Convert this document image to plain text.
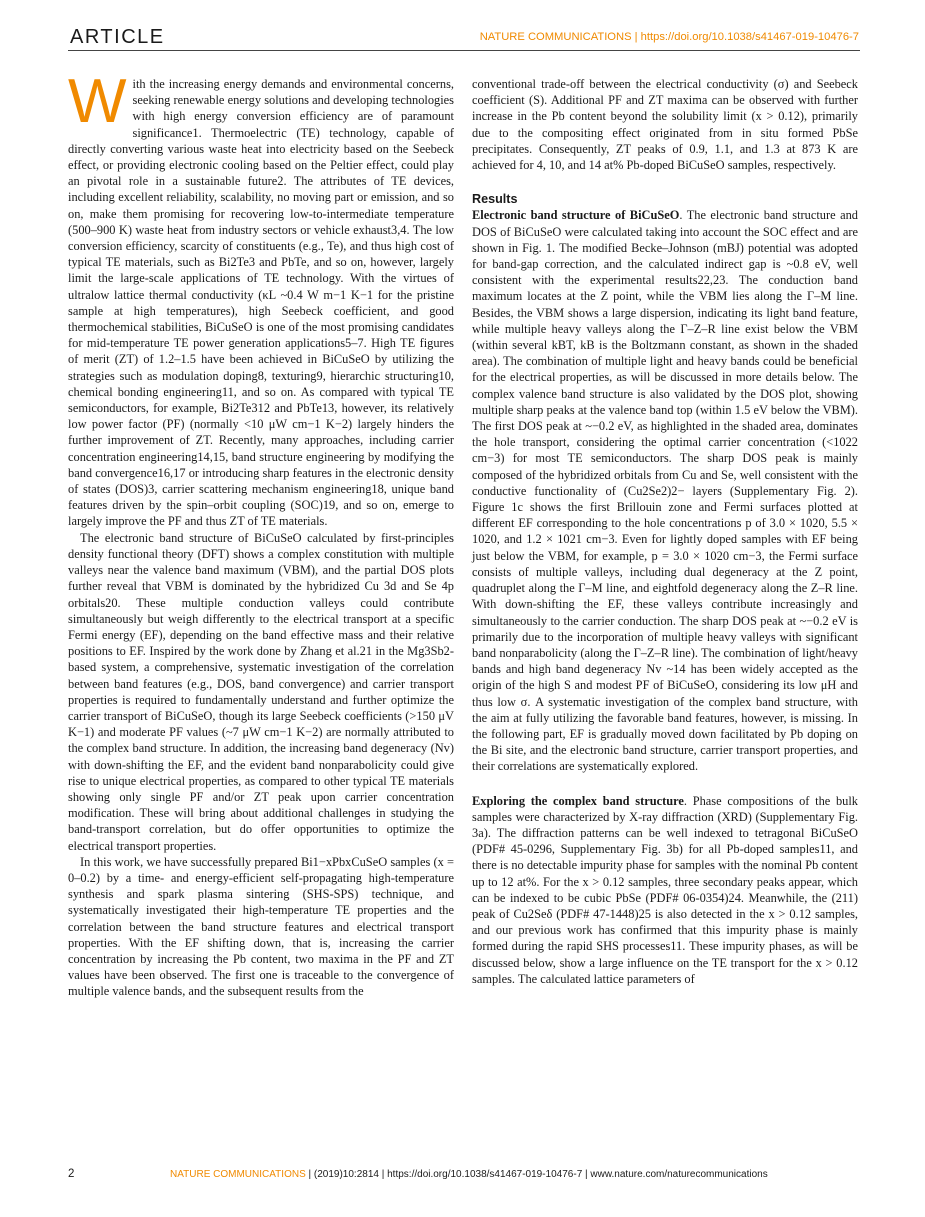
ARTICLE	NATURE COMMUNICATIONS | https://doi.org/10.1038/s41467-019-10476-7

W ith the increasing energy demands and environmental concerns, seeking renewable energy solutions and developing technologies with high energy conversion efficiency are of paramount significance1. Thermoelectric (TE) technology, capable of directly converting various waste heat into electricity based on the Seebeck effect, or providing electronic cooling based on the Peltier effect, could play an pivotal role in a sustainable future2. The attributes of TE devices, including excellent reliability, scalability, no moving part or emission, and so on, make them promising for recovering low-to-intermediate temperature (500–900 K) waste heat from industry sectors or vehicle exhaust3,4. The low conversion efficiency, scarcity of constituents (e.g., Te), and thus high cost of typical TE materials, such as Bi2Te3 and PbTe, and so on, however, largely limit the large-scale applications of TE technology. With the virtues of ultralow lattice thermal conductivity (κL ~0.4 W m−1 K−1 for the pristine sample at high temperatures), high Seebeck coefficient, and good thermochemical stabilities, BiCuSeO is one of the most promising candidates for mid-temperature TE power generation applications5–7. High TE figures of merit (ZT) of 1.2–1.5 have been achieved in BiCuSeO by utilizing the strategies such as modulation doping8, texturing9, hierarchic structuring10, chemical bonding engineering11, and so on. As compared with typical TE semiconductors, for example, Bi2Te312 and PbTe13, however, its relatively low power factor (PF) (normally <10 μW cm−1 K−2) largely hinders the further improvement of ZT. Recently, many approaches, including carrier concentration engineering14,15, band structure engineering by modifying the band convergence16,17 or introducing sharp features in the electronic density of states (DOS)3, carrier scattering mechanism engineering18, unique band features driven by the spin–orbit coupling (SOC)19, and so on, emerge to largely improve the PF and thus ZT of TE materials.

The electronic band structure of BiCuSeO calculated by first-principles density functional theory (DFT) shows a complex constitution with multiple valleys near the valence band maximum (VBM), and the partial DOS plots further reveal that VBM is dominated by the hybridized Cu 3d and Se 4p orbitals20. These multiple conduction valleys could contribute simultaneously but weigh differently to the electrical transport at a specific Fermi energy (EF), depending on the band effective mass and their relative positions to EF. Inspired by the work done by Zhang et al.21 in the Mg3Sb2-based system, a comprehensive, systematic investigation of the correlation between band features (e.g., DOS, band convergence) and carrier transport properties is required to fundamentally understand and further optimize the carrier transport of BiCuSeO, though its large Seebeck coefficients (>150 μV K−1) and moderate PF values (~7 μW cm−1 K−2) are normally attributed to the complex band structure. In addition, the increasing band degeneracy (Nv) with down-shifting the EF, and the evident band nonparabolicity could give rise to unique electrical properties, as compared to other typical TE materials showing only single PF and/or ZT peak upon carrier concentration modification. These will bring about additional challenges in studying the band-transport correlation, but do offer opportunities to optimize the electrical transport properties.

In this work, we have successfully prepared Bi1−xPbxCuSeO samples (x = 0–0.2) by a time- and energy-efficient self-propagating high-temperature synthesis and spark plasma sintering (SHS-SPS) technique, and systematically investigated their high-temperature TE properties and the correlation between the band structure features and electrical transport properties. With the EF shifting down, that is, increasing the carrier concentration by increasing the Pb content, two maxima in the PF and ZT values have been observed. The first one is traceable to the convergence of multiple valence bands, and the subsequent results from the

conventional trade-off between the electrical conductivity (σ) and Seebeck coefficient (S). Additional PF and ZT maxima can be observed with further increase in the Pb content beyond the solubility limit (x > 0.12), primarily due to the compositing effect originated from in situ formed PbSe precipitates. Consequently, ZT peaks of 0.9, 1.1, and 1.3 at 873 K are achieved for 4, 10, and 14 at% Pb-doped BiCuSeO samples, respectively.

Results

Electronic band structure of BiCuSeO. The electronic band structure and DOS of BiCuSeO were calculated taking into account the SOC effect and are shown in Fig. 1. The modified Becke–Johnson (mBJ) potential was adopted for band-gap correction, and the calculated indirect gap is ~0.8 eV, well consistent with the experimental results22,23. The conduction band maximum locates at the Z point, while the VBM lies along the Γ–M line. Besides, the VBM shows a large dispersion, indicating its light band feature, while multiple heavy valleys along the Γ–Z–R line exist below the VBM (within several kBT, kB is the Boltzmann constant, as shown in the shaded area). The combination of multiple light and heavy bands could be beneficial for the electrical properties, as will be discussed in more details below. The complex valence band structure is also validated by the DOS plot, showing multiple sharp peaks at the valence band top (within 1.5 eV below the VBM). The first DOS peak at ~−0.2 eV, as highlighted in the shaded area, dominates the hole transport, considering the optimal carrier concentration (<1022 cm−3) for most TE semiconductors. The sharp DOS peak is mainly composed of the hybridized orbitals from Cu and Se, well consistent with the conductive functionality of (Cu2Se2)2− layers (Supplementary Fig. 2). Figure 1c shows the first Brillouin zone and Fermi surfaces plotted at different EF corresponding to the hole concentrations p of 3.0 × 1020, 5.5 × 1020, and 1.2 × 1021 cm−3. Even for lightly doped samples with EF being just below the VBM, for example, p = 3.0 × 1020 cm−3, the Fermi surface consists of multiple valleys, including dual degeneracy at the Z point, quadruplet along the Γ–M line, and eightfold degeneracy along the Z–R line. With down-shifting the EF, these valleys contribute increasingly and simultaneously to the carrier conduction. The sharp DOS peak at ~−0.2 eV is primarily due to the incorporation of multiple heavy valleys with significant band nonparabolicity (along the Γ–Z–R line). The combination of light/heavy bands and high band degeneracy Nv ~14 has been widely accepted as the origin of the high S and modest PF of BiCuSeO, considering its low μH and thus low σ. A systematic investigation of the complex band structure, with the aim at fully utilizing the favorable band features, however, is missing. In the following part, EF is gradually moved down facilitated by Pb doping on the Bi site, and the electronic band structure, carrier transport properties, and their correlations are systematically explored.

Exploring the complex band structure. Phase compositions of the bulk samples were characterized by X-ray diffraction (XRD) (Supplementary Fig. 3a). The diffraction patterns can be well indexed to tetragonal BiCuSeO (PDF# 45-0296, Supplementary Fig. 3b) for all Pb-doped samples11, and there is no detectable impurity phase for samples with the nominal Pb content up to 12 at%. For the x > 0.12 samples, three secondary peaks appear, which can be indexed to be cubic PbSe (PDF# 06-0354)24. Meanwhile, the (211) peak of Cu2Seδ (PDF# 47-1448)25 is also detected in the x > 0.12 samples, and our previous work has confirmed that this impurity phase is mainly formed during the rapid SHS processes11. These impurity phases, as will be discussed below, show a large influence on the TE transport for the x > 0.12 samples. The calculated lattice parameters of

2	NATURE COMMUNICATIONS | (2019)10:2814 | https://doi.org/10.1038/s41467-019-10476-7 | www.nature.com/naturecommunications
